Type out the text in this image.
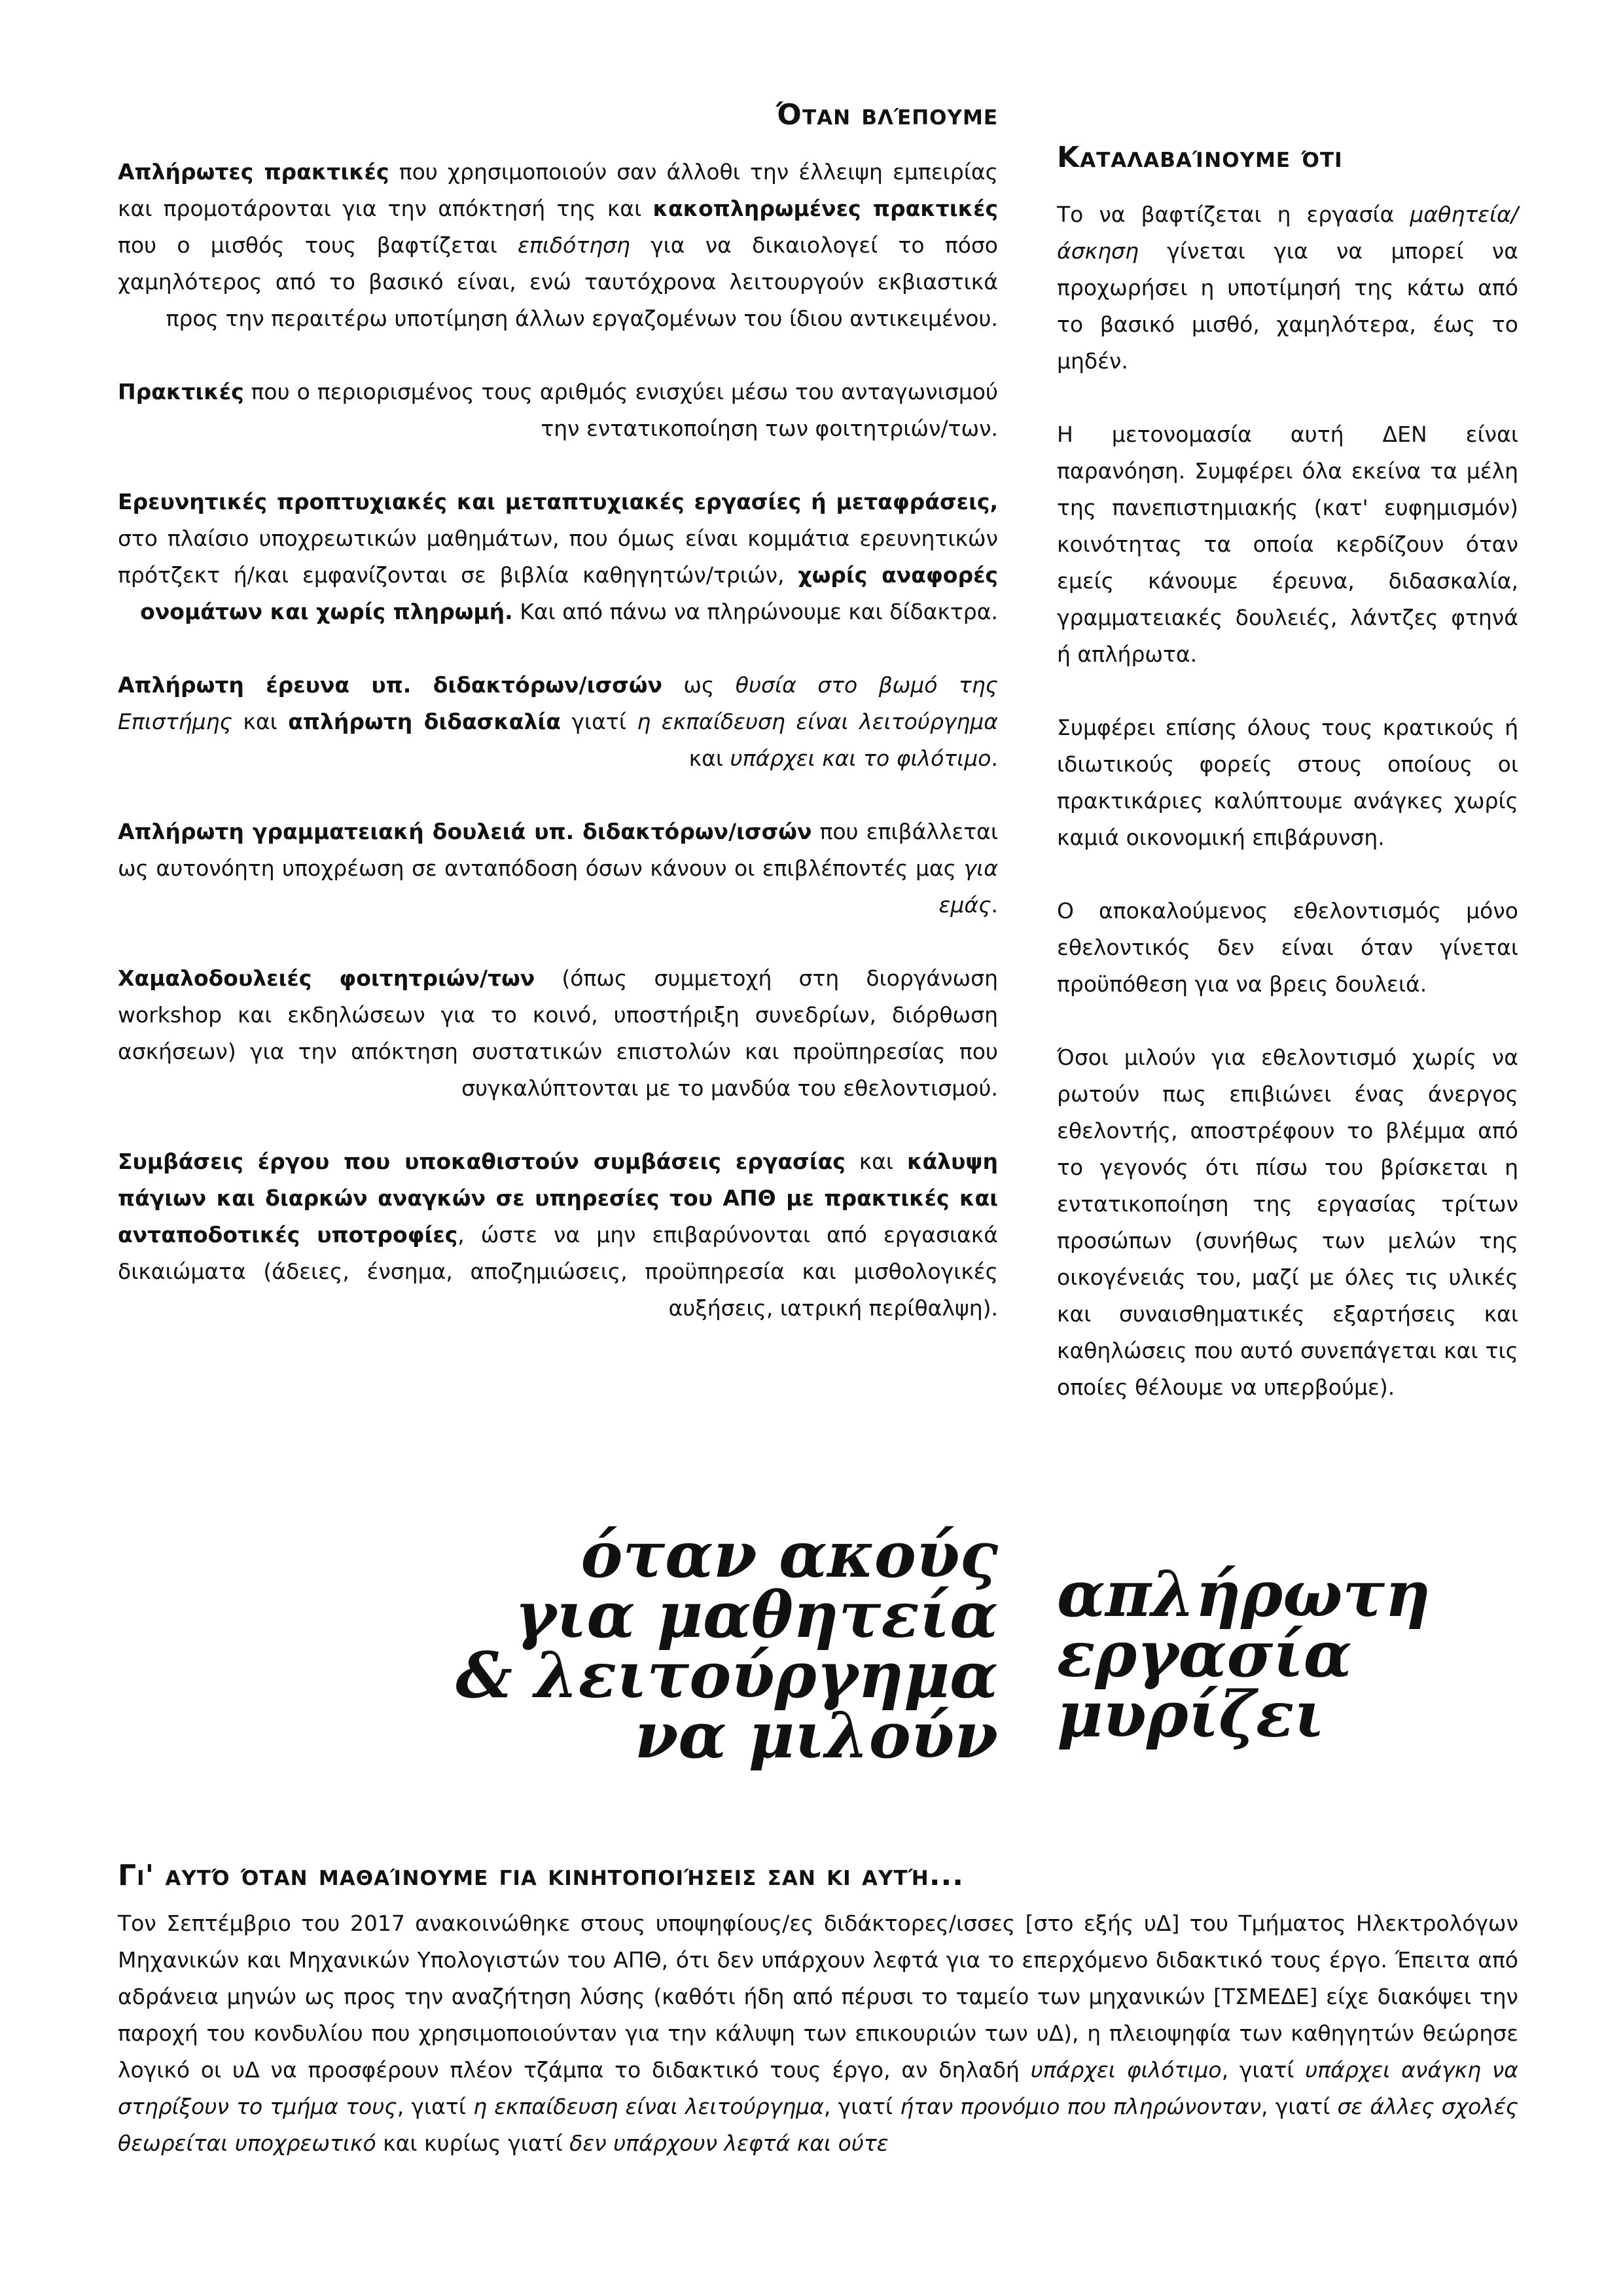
Όταν βλέπουμε

Απλήρωτες πρακτικές που χρησιμοποιούν σαν άλλοθι την έλλειψη εμπειρίας και προμοτάρονται για την απόκτησή της και κακοπληρωμένες πρακτικές που ο μισθός τους βαφτίζεται επιδότηση για να δικαιολογεί το πόσο χαμηλότερος από το βασικό είναι, ενώ ταυτόχρονα λειτουργούν εκβιαστικά προς την περαιτέρω υποτίμηση άλλων εργαζομένων του ίδιου αντικειμένου.

Πρακτικές που ο περιορισμένος τους αριθμός ενισχύει μέσω του ανταγωνισμού την εντατικοποίηση των φοιτητριών/των.

Ερευνητικές προπτυχιακές και μεταπτυχιακές εργασίες ή μεταφράσεις, στο πλαίσιο υποχρεωτικών μαθημάτων, που όμως είναι κομμάτια ερευνητικών πρότζεκτ ή/και εμφανίζονται σε βιβλία καθηγητών/τριών, χωρίς αναφορές ονομάτων και χωρίς πληρωμή. Και από πάνω να πληρώνουμε και δίδακτρα.

Απλήρωτη έρευνα υπ. διδακτόρων/ισσών ως θυσία στο βωμό της Επιστήμης και απλήρωτη διδασκαλία γιατί η εκπαίδευση είναι λειτούργημα και υπάρχει και το φιλότιμο.

Απλήρωτη γραμματειακή δουλειά υπ. διδακτόρων/ισσών που επιβάλλεται ως αυτονόητη υποχρέωση σε ανταπόδοση όσων κάνουν οι επιβλέποντές μας για εμάς.

Χαμαλοδουλειές φοιτητριών/των (όπως συμμετοχή στη διοργάνωση workshop και εκδηλώσεων για το κοινό, υποστήριξη συνεδρίων, διόρθωση ασκήσεων) για την απόκτηση συστατικών επιστολών και προϋπηρεσίας που συγκαλύπτονται με το μανδύα του εθελοντισμού.

Συμβάσεις έργου που υποκαθιστούν συμβάσεις εργασίας και κάλυψη πάγιων και διαρκών αναγκών σε υπηρεσίες του ΑΠΘ με πρακτικές και ανταποδοτικές υποτροφίες, ώστε να μην επιβαρύνονται από εργασιακά δικαιώματα (άδειες, ένσημα, αποζημιώσεις, προϋπηρεσία και μισθολογικές αυξήσεις, ιατρική περίθαλψη).

Καταλαβαίνουμε ότι

Το να βαφτίζεται η εργασία μαθητεία/άσκηση γίνεται για να μπορεί να προχωρήσει η υποτίμησή της κάτω από το βασικό μισθό, χαμηλότερα, έως το μηδέν.

Η μετονομασία αυτή ΔΕΝ είναι παρανόηση. Συμφέρει όλα εκείνα τα μέλη της πανεπιστημιακής (κατ' ευφημισμόν) κοινότητας τα οποία κερδίζουν όταν εμείς κάνουμε έρευνα, διδασκαλία, γραμματειακές δουλειές, λάντζες φτηνά ή απλήρωτα.

Συμφέρει επίσης όλους τους κρατικούς ή ιδιωτικούς φορείς στους οποίους οι πρακτικάριες καλύπτουμε ανάγκες χωρίς καμιά οικονομική επιβάρυνση.

Ο αποκαλούμενος εθελοντισμός μόνο εθελοντικός δεν είναι όταν γίνεται προϋπόθεση για να βρεις δουλειά.

Όσοι μιλούν για εθελοντισμό χωρίς να ρωτούν πως επιβιώνει ένας άνεργος εθελοντής, αποστρέφουν το βλέμμα από το γεγονός ότι πίσω του βρίσκεται η εντατικοποίηση της εργασίας τρίτων προσώπων (συνήθως των μελών της οικογένειάς του, μαζί με όλες τις υλικές και συναισθηματικές εξαρτήσεις και καθηλώσεις που αυτό συνεπάγεται και τις οποίες θέλουμε να υπερβούμε).

όταν ακούς
για μαθητεία
& λειτούργημα
να μιλούν
απλήρωτη
εργασία
μυρίζει
Γι' αυτό όταν μαθαίνουμε για κινητοποιήσεις σαν κι αυτή...

Τον Σεπτέμβριο του 2017 ανακοινώθηκε στους υποψηφίους/ες διδάκτορες/ισσες [στο εξής υΔ] του Τμήματος Ηλεκτρολόγων Μηχανικών και Μηχανικών Υπολογιστών του ΑΠΘ, ότι δεν υπάρχουν λεφτά για το επερχόμενο διδακτικό τους έργο. Έπειτα από αδράνεια μηνών ως προς την αναζήτηση λύσης (καθότι ήδη από πέρυσι το ταμείο των μηχανικών [ΤΣΜΕΔΕ] είχε διακόψει την παροχή του κονδυλίου που χρησιμοποιούνταν για την κάλυψη των επικουριών των υΔ), η πλειοψηφία των καθηγητών θεώρησε λογικό οι υΔ να προσφέρουν πλέον τζάμπα το διδακτικό τους έργο, αν δηλαδή υπάρχει φιλότιμο, γιατί υπάρχει ανάγκη να στηρίξουν το τμήμα τους, γιατί η εκπαίδευση είναι λειτούργημα, γιατί ήταν προνόμιο που πληρώνονταν, γιατί σε άλλες σχολές θεωρείται υποχρεωτικό και κυρίως γιατί δεν υπάρχουν λεφτά και ούτε
